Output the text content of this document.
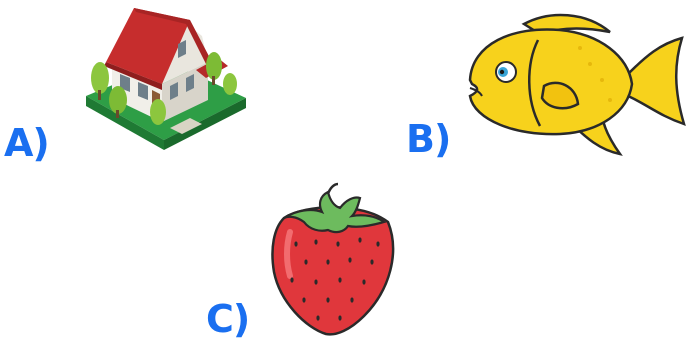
A)	B)
C)
